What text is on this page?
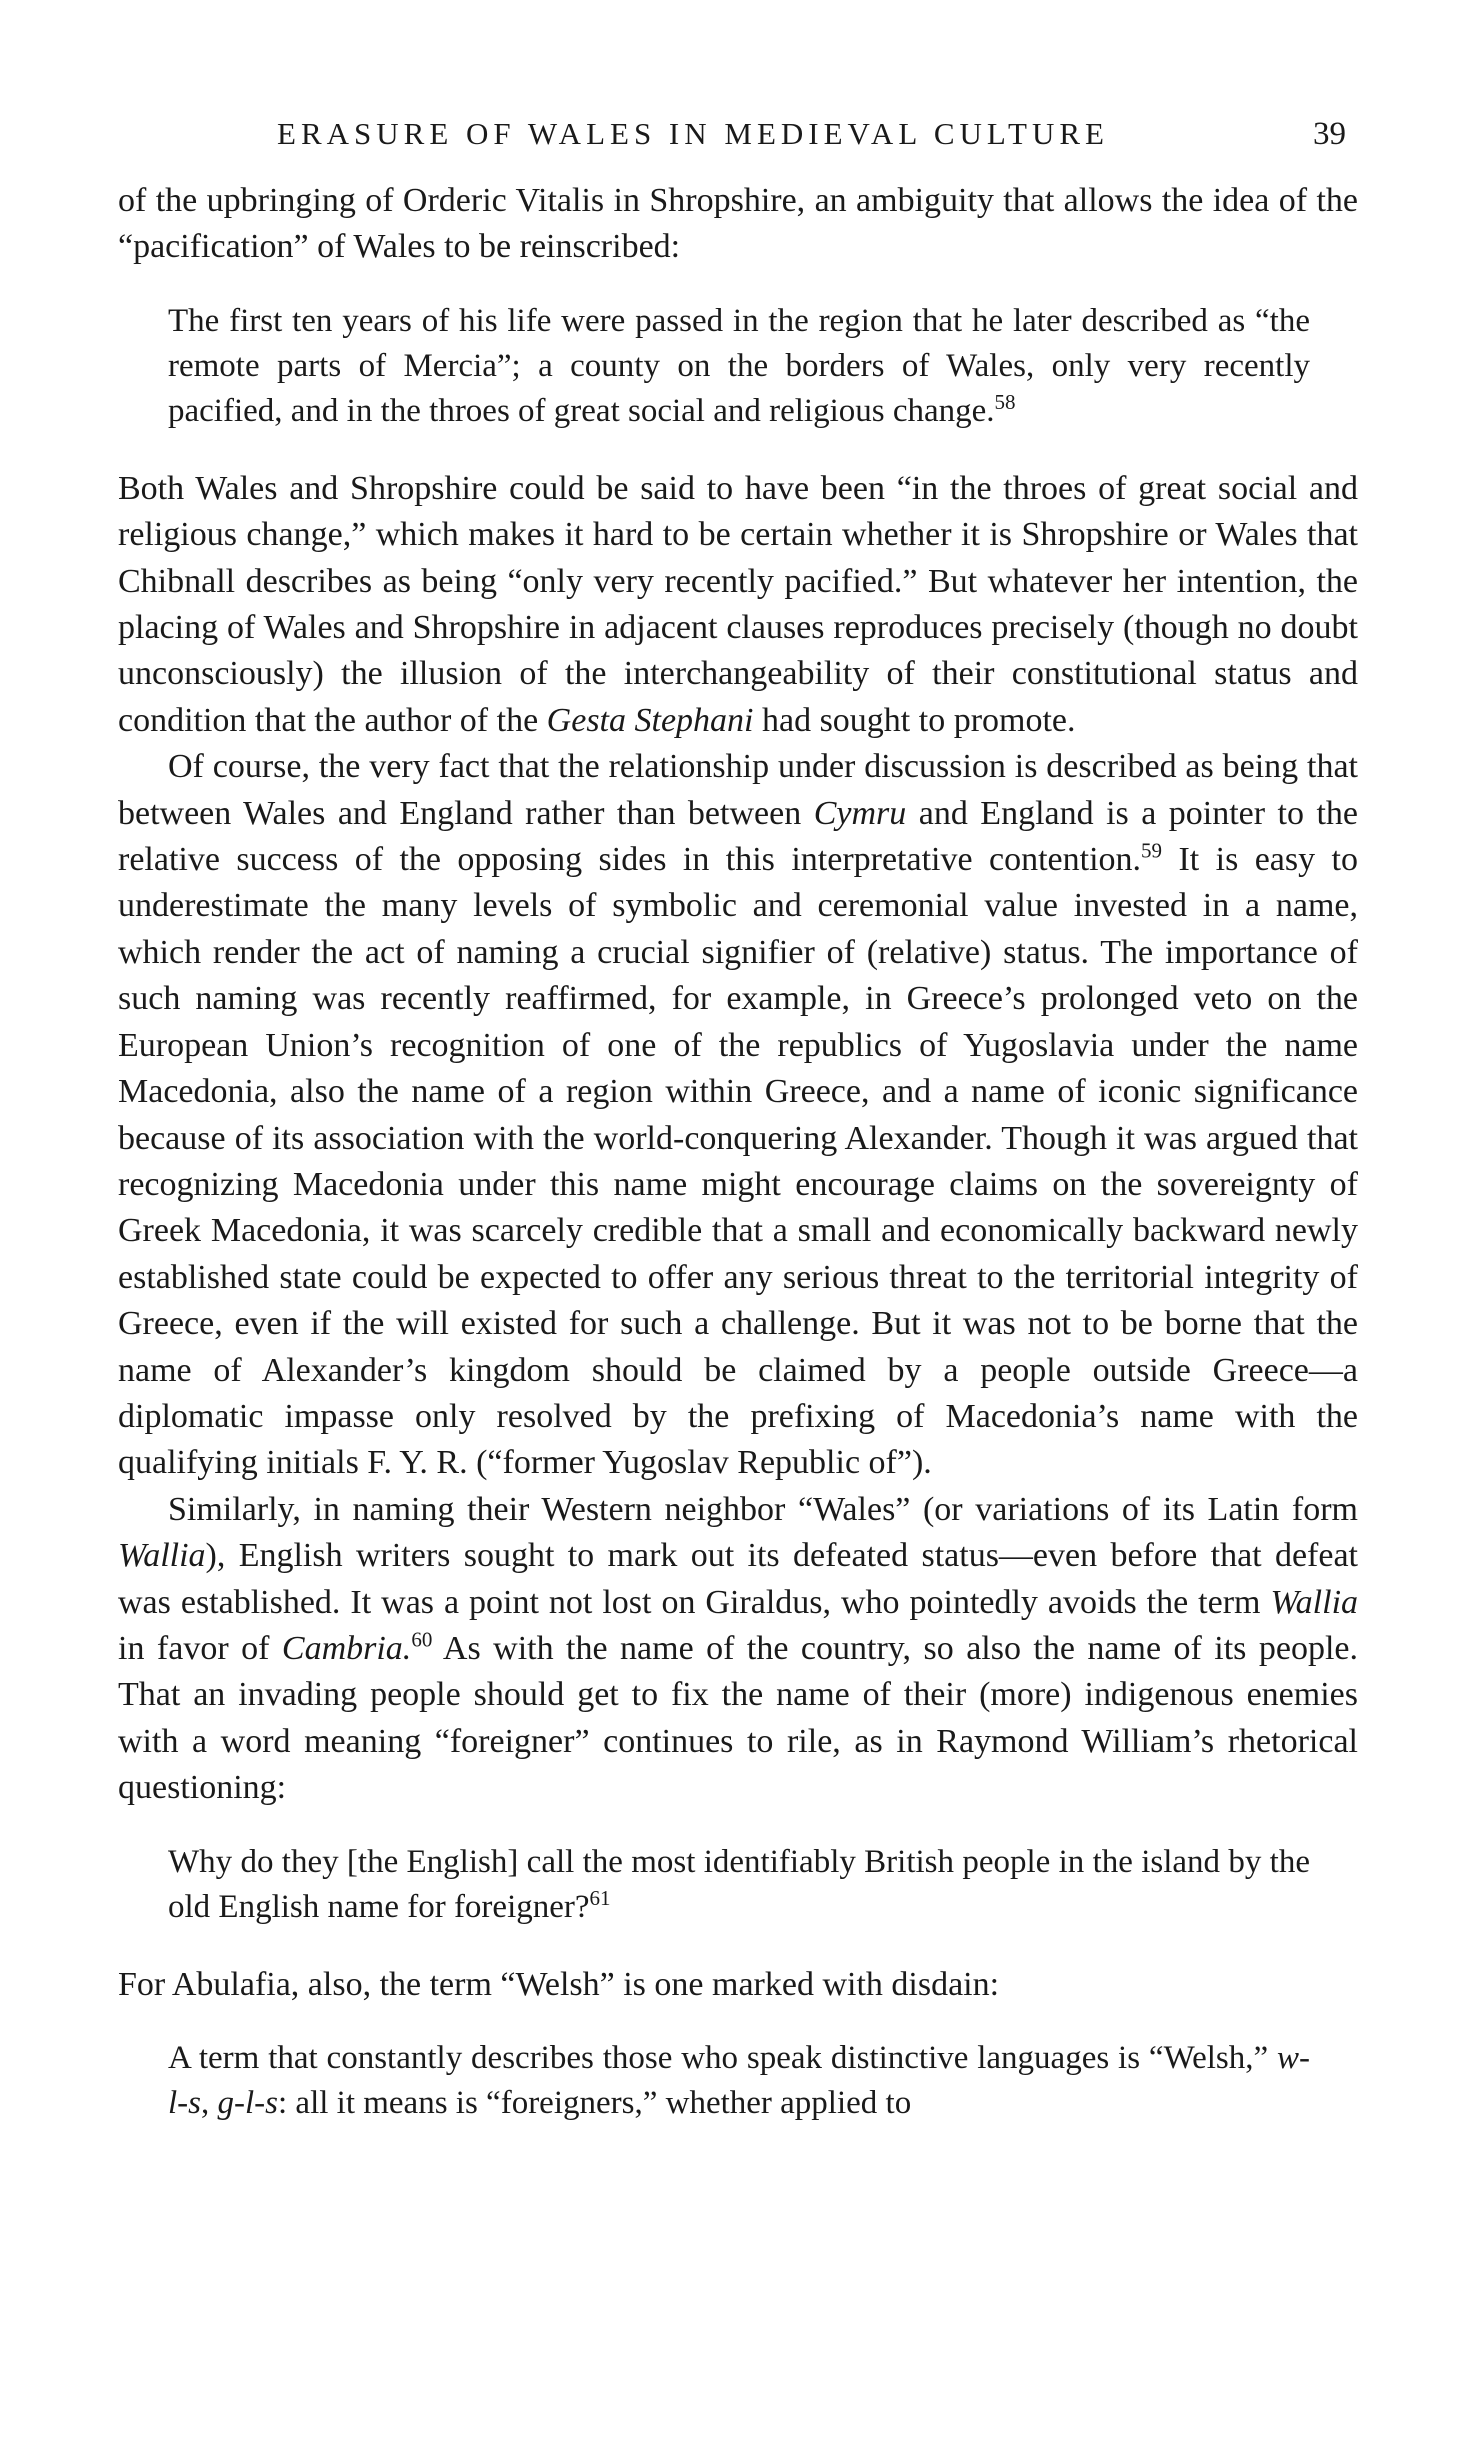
ERASURE OF WALES IN MEDIEVAL CULTURE	39

of the upbringing of Orderic Vitalis in Shropshire, an ambiguity that allows the idea of the “pacification” of Wales to be reinscribed:

The first ten years of his life were passed in the region that he later described as “the remote parts of Mercia”; a county on the borders of Wales, only very recently pacified, and in the throes of great social and religious change.$^{58}$

Both Wales and Shropshire could be said to have been “in the throes of great social and religious change,” which makes it hard to be certain whether it is Shropshire or Wales that Chibnall describes as being “only very recently pacified.” But whatever her intention, the placing of Wales and Shropshire in adjacent clauses reproduces precisely (though no doubt unconsciously) the illusion of the interchangeability of their constitutional status and condition that the author of the Gesta Stephani had sought to promote.

Of course, the very fact that the relationship under discussion is described as being that between Wales and England rather than between Cymru and England is a pointer to the relative success of the opposing sides in this interpretative contention.$^{59}$ It is easy to underestimate the many levels of symbolic and ceremonial value invested in a name, which render the act of naming a crucial signifier of (relative) status. The importance of such naming was recently reaffirmed, for example, in Greece’s prolonged veto on the European Union’s recognition of one of the republics of Yugoslavia under the name Macedonia, also the name of a region within Greece, and a name of iconic significance because of its association with the world-conquering Alexander. Though it was argued that recognizing Macedonia under this name might encourage claims on the sovereignty of Greek Macedonia, it was scarcely credible that a small and economically backward newly established state could be expected to offer any serious threat to the territorial integrity of Greece, even if the will existed for such a challenge. But it was not to be borne that the name of Alexander’s kingdom should be claimed by a people outside Greece—a diplomatic impasse only resolved by the prefixing of Macedonia’s name with the qualifying initials F. Y. R. (“former Yugoslav Republic of”).

Similarly, in naming their Western neighbor “Wales” (or variations of its Latin form Wallia), English writers sought to mark out its defeated status—even before that defeat was established. It was a point not lost on Giraldus, who pointedly avoids the term Wallia in favor of Cambria.$^{60}$ As with the name of the country, so also the name of its people. That an invading people should get to fix the name of their (more) indigenous enemies with a word meaning “foreigner” continues to rile, as in Raymond William’s rhetorical questioning:

Why do they [the English] call the most identifiably British people in the island by the old English name for foreigner?$^{61}$

For Abulafia, also, the term “Welsh” is one marked with disdain:

A term that constantly describes those who speak distinctive languages is “Welsh,” w-l-s, g-l-s: all it means is “foreigners,” whether applied to
